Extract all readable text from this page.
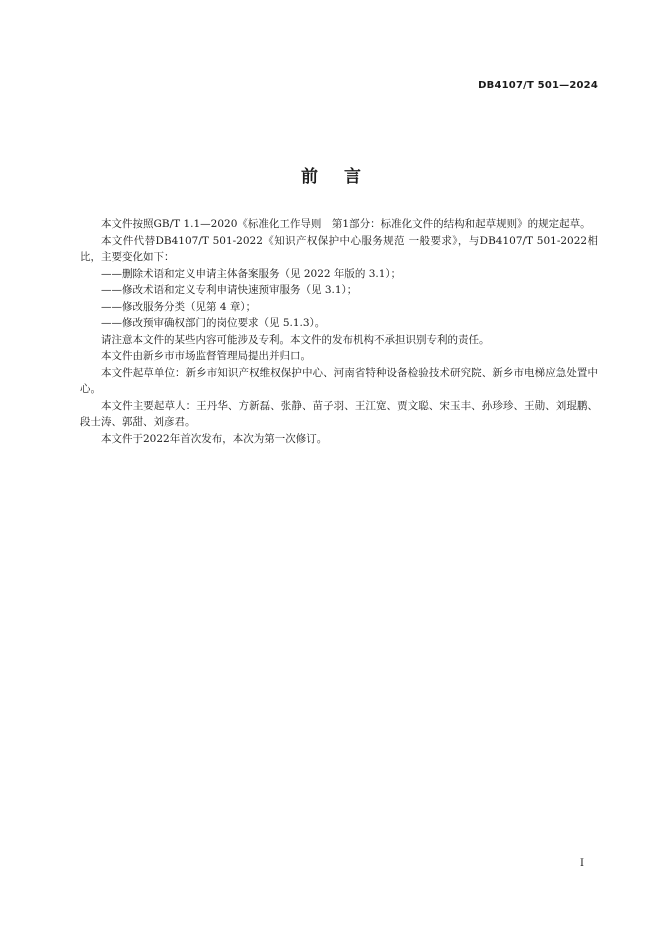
DB4107/T 501—2024
前言

本文件按照GB/T 1.1—2020《标准化工作导则　第1部分：标准化文件的结构和起草规则》的规定起草。

本文件代替DB4107/T 501-2022《知识产权保护中心服务规范 一般要求》，与DB4107/T 501-2022相比，主要变化如下：

——删除术语和定义申请主体备案服务（见 2022 年版的 3.1）；

——修改术语和定义专利申请快速预审服务（见 3.1）；

——修改服务分类（见第 4 章）；

——修改预审确权部门的岗位要求（见 5.1.3）。

请注意本文件的某些内容可能涉及专利。本文件的发布机构不承担识别专利的责任。

本文件由新乡市市场监督管理局提出并归口。

本文件起草单位：新乡市知识产权维权保护中心、河南省特种设备检验技术研究院、新乡市电梯应急处置中心。

本文件主要起草人：王丹华、方新磊、张静、苗子羽、王江宽、贾文聪、宋玉丰、孙珍珍、王勋、刘琨鹏、段士涛、郭甜、刘彦君。

本文件于2022年首次发布，本次为第一次修订。

I
